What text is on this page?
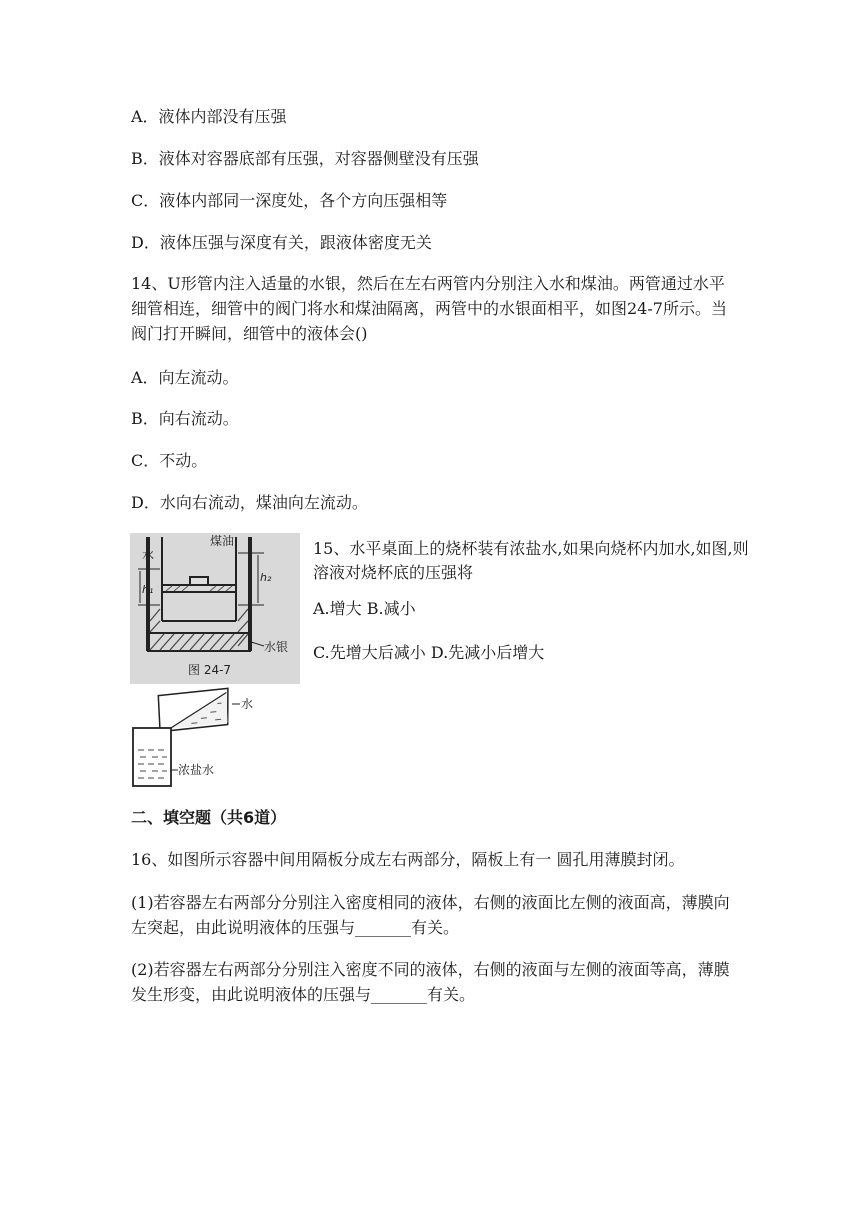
A．液体内部没有压强
B．液体对容器底部有压强，对容器侧壁没有压强
C．液体内部同一深度处，各个方向压强相等
D．液体压强与深度有关，跟液体密度无关
14、U形管内注入适量的水银，然后在左右两管内分别注入水和煤油。两管通过水平细管相连，细管中的阀门将水和煤油隔离，两管中的水银面相平，如图24-7所示。当阀门打开瞬间，细管中的液体会()
A．向左流动。
B．向右流动。
C．不动。
D．水向右流动，煤油向左流动。
水
煤油
h₁
h₂
水银
图 24-7
15、水平桌面上的烧杯装有浓盐水,如果向烧杯内加水,如图,则溶液对烧杯底的压强将
A.增大 B.减小
C.先增大后减小 D.先减小后增大
水
浓盐水
二、填空题（共6道）
16、如图所示容器中间用隔板分成左右两部分，隔板上有一 圆孔用薄膜封闭。
(1)若容器左右两部分分别注入密度相同的液体，右侧的液面比左侧的液面高，薄膜向左突起，由此说明液体的压强与_______有关。
(2)若容器左右两部分分别注入密度不同的液体，右侧的液面与左侧的液面等高，薄膜发生形变，由此说明液体的压强与_______有关。
